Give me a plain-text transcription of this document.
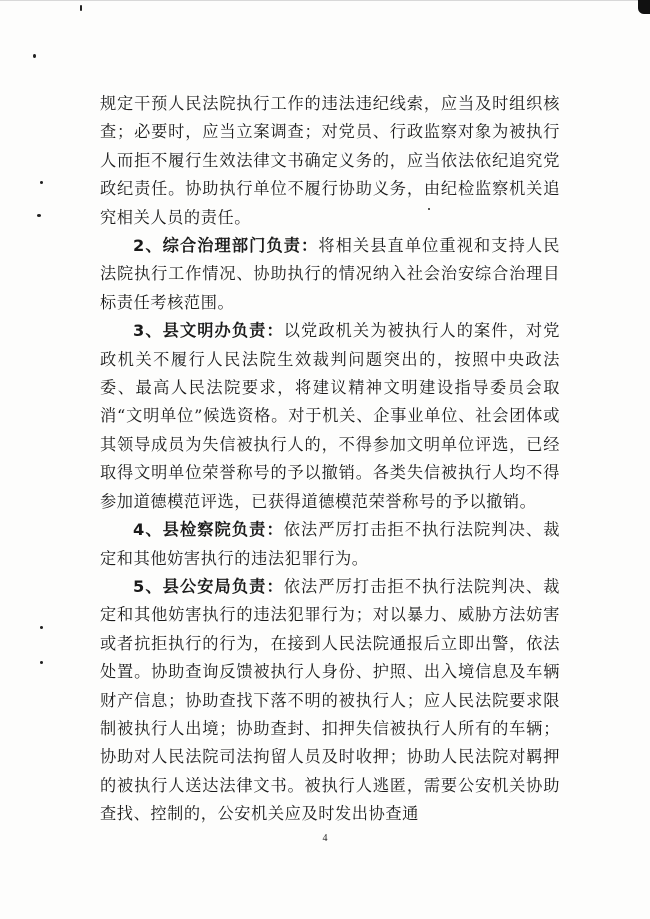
规定干预人民法院执行工作的违法违纪线索，应当及时组织核查；必要时，应当立案调查；对党员、行政监察对象为被执行人而拒不履行生效法律文书确定义务的，应当依法依纪追究党政纪责任。协助执行单位不履行协助义务，由纪检监察机关追究相关人员的责任。

2、综合治理部门负责：将相关县直单位重视和支持人民法院执行工作情况、协助执行的情况纳入社会治安综合治理目标责任考核范围。

3、县文明办负责：以党政机关为被执行人的案件，对党政机关不履行人民法院生效裁判问题突出的，按照中央政法委、最高人民法院要求，将建议精神文明建设指导委员会取消“文明单位”候选资格。对于机关、企事业单位、社会团体或其领导成员为失信被执行人的，不得参加文明单位评选，已经取得文明单位荣誉称号的予以撤销。各类失信被执行人均不得参加道德模范评选，已获得道德模范荣誉称号的予以撤销。

4、县检察院负责：依法严厉打击拒不执行法院判决、裁定和其他妨害执行的违法犯罪行为。

5、县公安局负责：依法严厉打击拒不执行法院判决、裁定和其他妨害执行的违法犯罪行为；对以暴力、威胁方法妨害或者抗拒执行的行为，在接到人民法院通报后立即出警，依法处置。协助查询反馈被执行人身份、护照、出入境信息及车辆财产信息；协助查找下落不明的被执行人；应人民法院要求限制被执行人出境；协助查封、扣押失信被执行人所有的车辆；协助对人民法院司法拘留人员及时收押；协助人民法院对羁押的被执行人送达法律文书。被执行人逃匿，需要公安机关协助查找、控制的，公安机关应及时发出协查通

4
